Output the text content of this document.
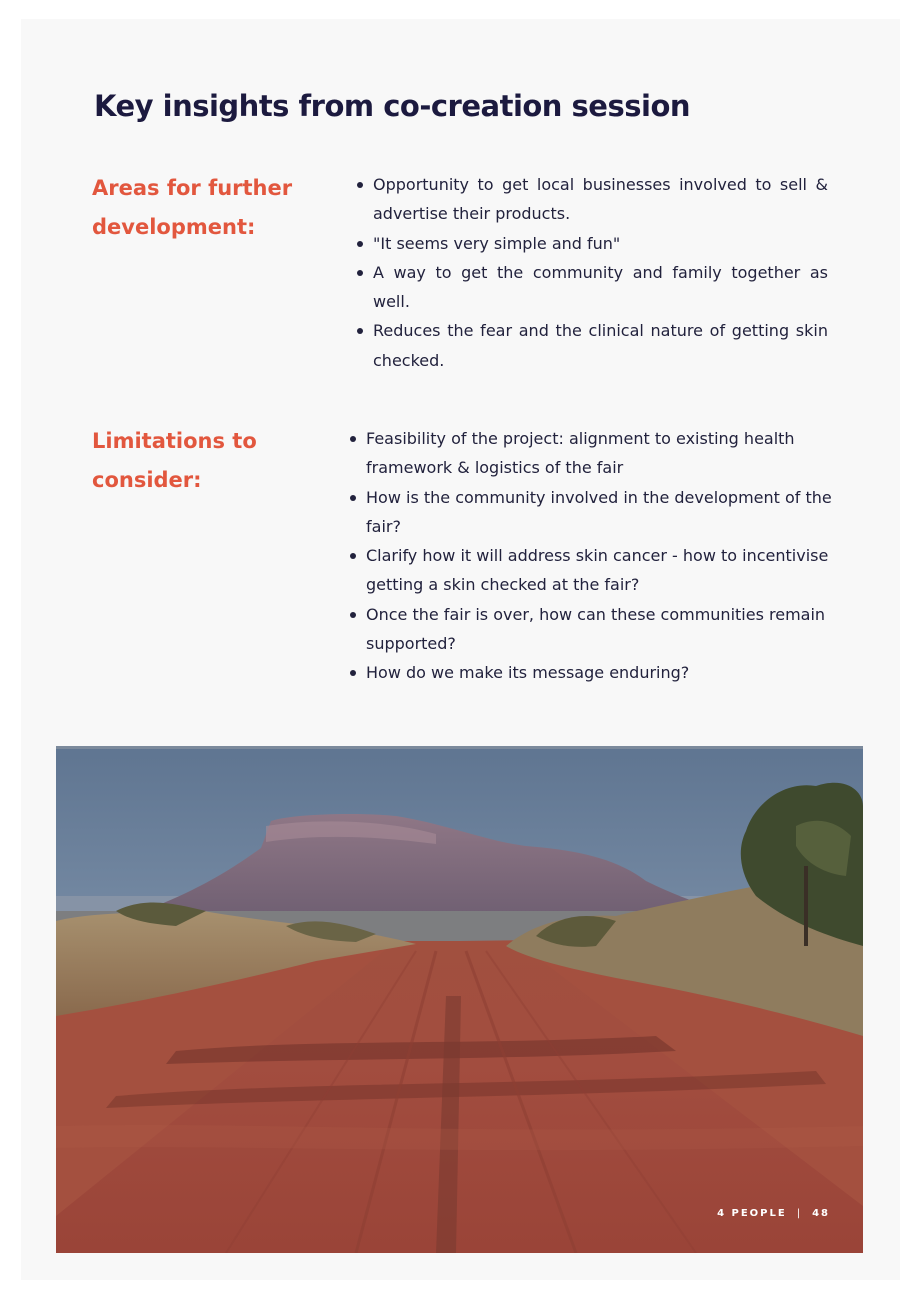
Key insights from co-creation session
Areas for further
development:
Opportunity to get local businesses involved to sell & advertise their products.
"It seems very simple and fun"
A way to get the community and family together as well.
Reduces the fear and the clinical nature of getting skin checked.
Limitations to
consider:
Feasibility of the project: alignment to existing health framework & logistics of the fair
How is the community involved in the development of the fair?
Clarify how it will address skin cancer - how to incentivise getting a skin checked at the fair?
Once the fair is over, how can these communities remain supported?
How do we make its message enduring?
4 PEOPLE | 48
